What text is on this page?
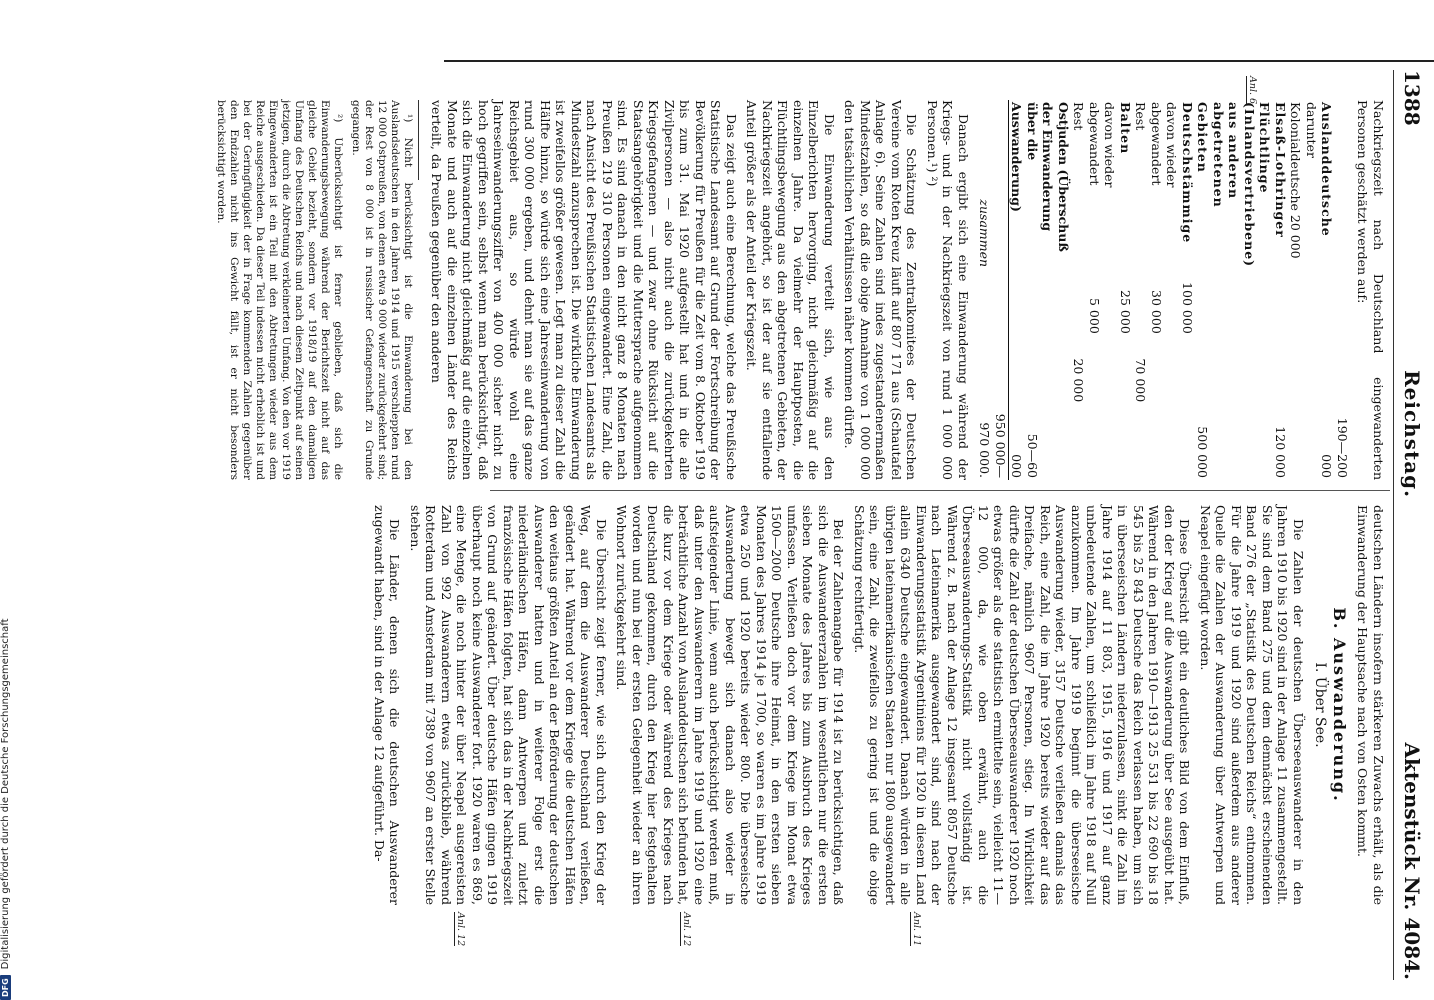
1388
Reichstag.
Aktenstück Nr. 4084.

Nachkriegszeit nach Deutschland eingewanderten Personen geschätzt werden auf:

Auslanddeutsche			190—200 000
darunter Kolonialdeutsche 20 000			
Elsaß-Lothringer			120 000
Flüchtlinge (Inlandsvertriebene) aus anderen abgetretenen Gebieten			500 000
Deutschstämmige	100 000		
davon wieder abgewandert	30 000		
Rest		70 000	
Balten	25 000		
davon wieder abgewandert	5 000		
Rest		20 000	
Ostjuden (Überschuß der Einwanderung über die Auswanderung)			50—60 000
zusammen			950 000—970 000.

Danach ergibt sich eine Einwanderung während der Kriegs- und in der Nachkriegszeit von rund 1 000 000 Personen.¹) ²)

Die Schätzung des Zentralkomitees der Deutschen Vereine vom Roten Kreuz läuft auf 807 171 aus (Schautafel Anlage 6). Seine Zahlen sind indes zugestandenermaßen Mindestzahlen, so daß die obige Annahme von 1 000 000 den tatsächlichen Verhältnissen näher kommen dürfte.

Die Einwanderung verteilt sich, wie aus den Einzelberichten hervorging, nicht gleichmäßig auf die einzelnen Jahre. Da vielmehr der Hauptposten, die Flüchtlingsbewegung aus den abgetretenen Gebieten, der Nachkriegszeit angehört, so ist der auf sie entfallende Anteil größer als der Anteil der Kriegszeit.

Das zeigt auch eine Berechnung, welche das Preußische Statistische Landesamt auf Grund der Fortschreibung der Bevölkerung für Preußen für die Zeit vom 8. Oktober 1919 bis zum 31. Mai 1920 aufgestellt hat und in die alle Zivilpersonen — also nicht auch die zurückgekehrten Kriegsgefangenen — und zwar ohne Rücksicht auf die Staatsangehörigkeit und die Muttersprache aufgenommen sind. Es sind danach in den nicht ganz 8 Monaten nach Preußen 219 310 Personen eingewandert. Eine Zahl, die nach Ansicht des Preußischen Statistischen Landesamts als Mindestzahl anzusprechen ist. Die wirkliche Einwanderung ist zweifellos größer gewesen. Legt man zu dieser Zahl die Hälfte hinzu, so würde sich eine Jahreseinwanderung von rund 300 000 ergeben, und dehnt man sie auf das ganze Reichsgebiet aus, so würde wohl eine Jahreseinwanderungsziffer von 400 000 sicher nicht zu hoch gegriffen sein, selbst wenn man berücksichtigt, daß sich die Einwanderung nicht gleichmäßig auf die einzelnen Monate und auch auf die einzelnen Länder des Reichs verteilt, da Preußen gegenüber den anderen

¹) Nicht berücksichtigt ist die Einwanderung bei den Auslandsdeutschen in den Jahren 1914 und 1915 verschleppten rund 12 000 Ostpreußen, von denen etwa 9 000 wieder zurückgekehrt sind; der Rest von 8 000 ist in russischer Gefangenschaft zu Grunde gegangen.

²) Unberücksichtigt ist ferner geblieben, daß sich die Einwanderungsbewegung während der Berichtszeit nicht auf das gleiche Gebiet bezieht, sondern vor 1918/19 auf den damaligen Umfang des Deutschen Reichs und nach diesem Zeitpunkt auf seinen jetzigen, durch die Abtretung verkleinerten Umfang. Von den vor 1919 Eingewanderten ist ein Teil mit den Abtretungen wieder aus dem Reiche ausgeschieden. Da dieser Teil indessen nicht erheblich ist und bei der Geringfügigkeit der in Frage kommenden Zahlen gegenüber den Endzahlen nicht ins Gewicht fällt, ist er nicht besonders berücksichtigt worden.

deutschen Ländern insofern stärkeren Zuwachs erhält, als die Einwanderung der Hauptsache nach von Osten kommt.

B. Auswanderung.
I. Über See.

Die Zahlen der deutschen Überseeauswanderer in den Jahren 1910 bis 1920 sind in der Anlage 11 zusammengestellt. Sie sind dem Band 275 und dem demnächst erscheinenden Band 276 der „Statistik des Deutschen Reichs“ entnommen. Für die Jahre 1919 und 1920 sind außerdem aus anderer Quelle die Zahlen der Auswanderung über Antwerpen und Neapel eingefügt worden.

Diese Übersicht gibt ein deutliches Bild von dem Einfluß, den der Krieg auf die Auswanderung über See ausgeübt hat. Während in den Jahren 1910—1913 25 531 bis 22 690 bis 18 545 bis 25 843 Deutsche das Reich verlassen haben, um sich in überseeischen Ländern niederzulassen, sinkt die Zahl im Jahre 1914 auf 11 803, 1915, 1916 und 1917 auf ganz unbedeutende Zahlen, um schließlich im Jahre 1918 auf Null anzukommen. Im Jahre 1919 beginnt die überseeische Auswanderung wieder, 3157 Deutsche verließen damals das Reich, eine Zahl, die im Jahre 1920 bereits wieder auf das Dreifache, nämlich 9607 Personen, stieg. In Wirklichkeit dürfte die Zahl der deutschen Überseeauswanderer 1920 noch etwas größer als die statistisch ermittelte sein, vielleicht 11—12 000, da, wie oben erwähnt, auch die Überseeauswanderungs-Statistik nicht vollständig ist. Während z. B. nach der Anlage 12 insgesamt 8057 Deutsche nach Lateinamerika ausgewandert sind, sind nach der Einwanderungsstatistik Argentiniens für 1920 in diesem Land allein 6340 Deutsche eingewandert. Danach würden in alle übrigen lateinamerikanischen Staaten nur 1800 ausgewandert sein, eine Zahl, die zweifellos zu gering ist und die obige Schätzung rechtfertigt.

Bei der Zahlenangabe für 1914 ist zu berücksichtigen, daß sich die Auswandererzahlen im wesentlichen nur die ersten sieben Monate des Jahres bis zum Ausbruch des Krieges umfassen. Verließen doch vor dem Kriege im Monat etwa 1500—2000 Deutsche ihre Heimat, in den ersten sieben Monaten des Jahres 1914 je 1700, so waren es im Jahre 1919 etwa 250 und 1920 bereits wieder 800. Die überseeische Auswanderung bewegt sich danach also wieder in aufsteigender Linie, wenn auch berücksichtigt werden muß, daß unter den Auswanderern im Jahre 1919 und 1920 eine beträchtliche Anzahl von Auslanddeutschen sich befunden hat, die kurz vor dem Kriege oder während des Krieges nach Deutschland gekommen, durch den Krieg hier festgehalten worden und nun bei der ersten Gelegenheit wieder an ihren Wohnort zurückgekehrt sind.

Die Übersicht zeigt ferner, wie sich durch den Krieg der Weg, auf dem die Auswanderer Deutschland verließen, geändert hat. Während vor dem Kriege die deutschen Häfen den weitaus größten Anteil an der Beförderung der deutschen Auswanderer hatten und in weiterer Folge erst die niederländischen Häfen, dann Antwerpen und zuletzt französische Häfen folgten, hat sich das in der Nachkriegszeit von Grund auf geändert. Über deutsche Häfen gingen 1919 überhaupt noch keine Auswanderer fort. 1920 waren es 869, eine Menge, die noch hinter der über Neapel ausgereisten Zahl von 992 Auswanderern etwas zurückblieb, während Rotterdam und Amsterdam mit 7389 von 9607 an erster Stelle stehen.

Die Länder, denen sich die deutschen Auswanderer zugewandt haben, sind in der Anlage 12 aufgeführt. Da-

Anl. 6
Anl. 11
Anl. 12
Anl. 12
DFG
Digitalisierung gefördert durch die Deutsche Forschungsgemeinschaft
